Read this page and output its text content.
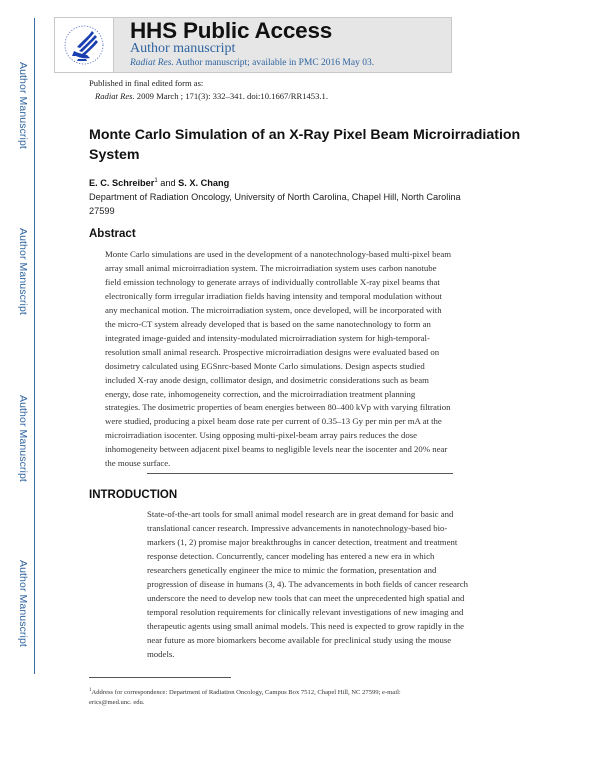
Author Manuscript
Author Manuscript
Author Manuscript
Author Manuscript
HHS Public Access
Author manuscript
Radiat Res. Author manuscript; available in PMC 2016 May 03.
Published in final edited form as:
Radiat Res. 2009 March ; 171(3): 332–341. doi:10.1667/RR1453.1.
Monte Carlo Simulation of an X-Ray Pixel Beam Microirradiation
System
E. C. Schreiber$^1$ and S. X. Chang
Department of Radiation Oncology, University of North Carolina, Chapel Hill, North Carolina
27599
Abstract
Monte Carlo simulations are used in the development of a nanotechnology-based multi-pixel beam
array small animal microirradiation system. The microirradiation system uses carbon nanotube
field emission technology to generate arrays of individually controllable X-ray pixel beams that
electronically form irregular irradiation fields having intensity and temporal modulation without
any mechanical motion. The microirradiation system, once developed, will be incorporated with
the micro-CT system already developed that is based on the same nanotechnology to form an
integrated image-guided and intensity-modulated microirradiation system for high-temporal-
resolution small animal research. Prospective microirradiation designs were evaluated based on
dosimetry calculated using EGSnrc-based Monte Carlo simulations. Design aspects studied
included X-ray anode design, collimator design, and dosimetric considerations such as beam
energy, dose rate, inhomogeneity correction, and the microirradiation treatment planning
strategies. The dosimetric properties of beam energies between 80–400 kVp with varying filtration
were studied, producing a pixel beam dose rate per current of 0.35–13 Gy per min per mA at the
microirradiation isocenter. Using opposing multi-pixel-beam array pairs reduces the dose
inhomogeneity between adjacent pixel beams to negligible levels near the isocenter and 20% near
the mouse surface.
INTRODUCTION
State-of-the-art tools for small animal model research are in great demand for basic and
translational cancer research. Impressive advancements in nanotechnology-based bio-
markers (1, 2) promise major breakthroughs in cancer detection, treatment and treatment
response detection. Concurrently, cancer modeling has entered a new era in which
researchers genetically engineer the mice to mimic the formation, presentation and
progression of disease in humans (3, 4). The advancements in both fields of cancer research
underscore the need to develop new tools that can meet the unprecedented high spatial and
temporal resolution requirements for clinically relevant investigations of new imaging and
therapeutic agents using small animal models. This need is expected to grow rapidly in the
near future as more biomarkers become available for preclinical study using the mouse
models.
$^1$Address for correspondence: Department of Radiation Oncology, Campus Box 7512, Chapel Hill, NC 27599; e-mail:
erics@med.unc. edu.
